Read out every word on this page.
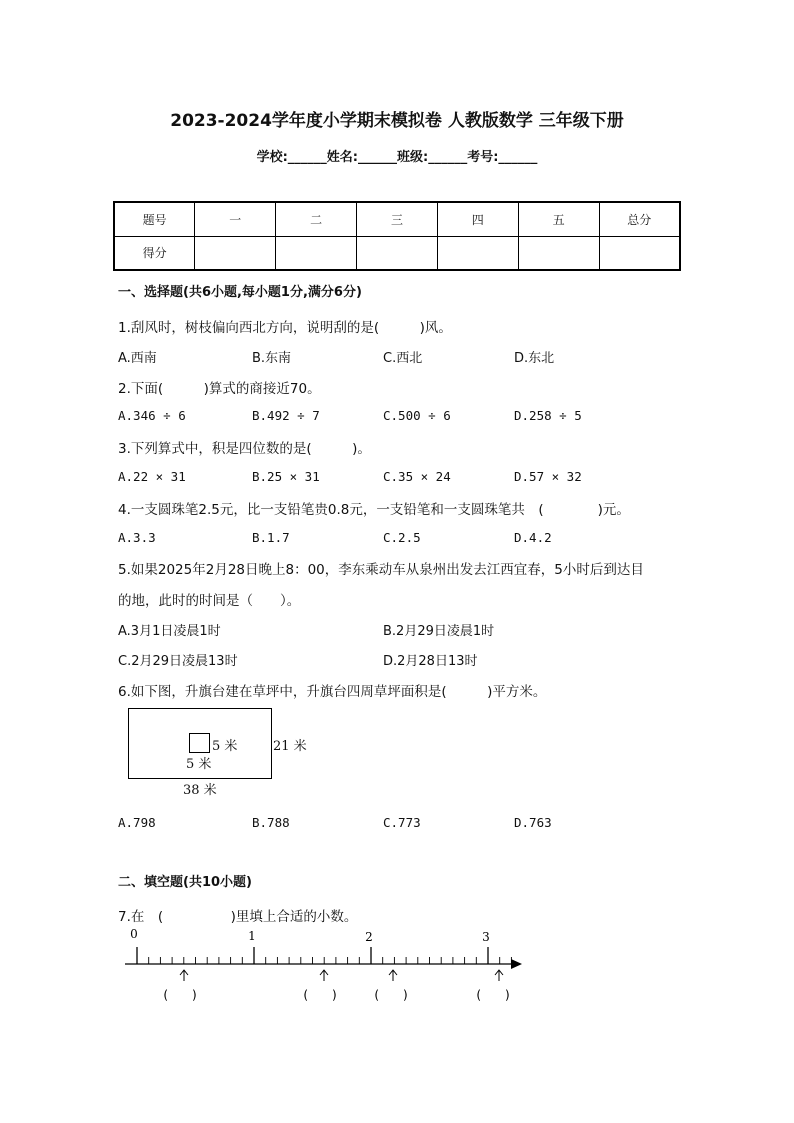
2023-2024学年度小学期末模拟卷 人教版数学 三年级下册
学校:______姓名:______班级:______考号:______
题号	一	二	三	四	五	总分
得分						
一、选择题(共6小题,每小题1分,满分6分)
1.刮风时，树枝偏向西北方向，说明刮的是(　　　)风。
A.西南	B.东南	C.西北	D.东北
2.下面(　　　)算式的商接近70。
A.346 ÷ 6	B.492 ÷ 7	C.500 ÷ 6	D.258 ÷ 5
3.下列算式中，积是四位数的是(　　　)。
A.22 × 31	B.25 × 31	C.35 × 24	D.57 × 32
4.一支圆珠笔2.5元，比一支铅笔贵0.8元，一支铅笔和一支圆珠笔共　(　　　　)元。
A.3.3	B.1.7	C.2.5	D.4.2
5.如果2025年2月28日晚上8：00，李东乘动车从泉州出发去江西宜春，5小时后到达目
的地，此时的时间是（　　）。
A.3月1日凌晨1时	B.2月29日凌晨1时
C.2月29日凌晨13时	D.2月28日13时
6.如下图，升旗台建在草坪中，升旗台四周草坪面积是(　　　)平方米。
5 米
5 米
21 米
38 米
A.798	B.788	C.773	D.763
二、填空题(共10小题)
7.在　(　　　　　)里填上合适的小数。
0	1	2	3
(　　)	(　　)	(　　)	(　　)
